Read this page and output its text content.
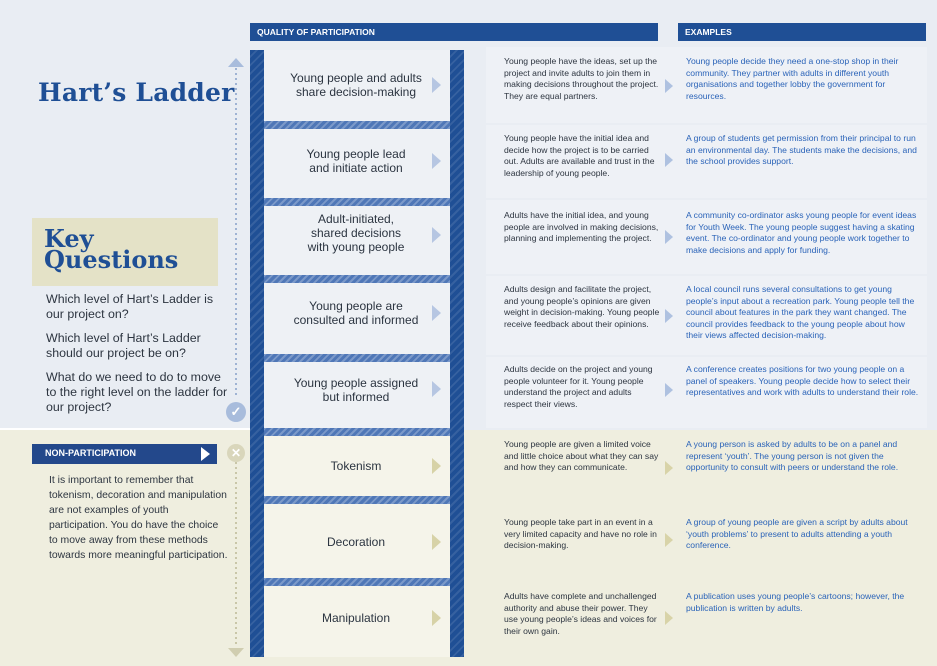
Hart’s Ladder
Key
Questions
Which level of Hart’s Ladder is our project on?
Which level of Hart’s Ladder should our project be on?
What do we need to do to move to the right level on the ladder for our project?
NON-PARTICIPATION
It is important to remember that tokenism, decoration and manipulation are not examples of youth participation. You do have the choice to move away from these methods towards more meaningful participation.
✓
✕
QUALITY OF PARTICIPATION	EXAMPLES
Young people and adults
share decision-making
Young people lead
and initiate action
Adult-initiated,
shared decisions
with young people
Young people are
consulted and informed
Young people assigned
but informed
Tokenism
Decoration
Manipulation
Young people have the ideas, set up the project and invite adults to join them in making decisions throughout the project. They are equal partners.
Young people decide they need a one-stop shop in their community. They partner with adults in different youth organisations and together lobby the government for resources.
Young people have the initial idea and decide how the project is to be carried out. Adults are available and trust in the leadership of young people.
A group of students get permission from their principal to run an environmental day. The students make the decisions, and the school provides support.
Adults have the initial idea, and young people are involved in making decisions, planning and implementing the project.
A community co-ordinator asks young people for event ideas for Youth Week. The young people suggest having a skating event. The co-ordinator and young people work together to make decisions and apply for funding.
Adults design and facilitate the project, and young people’s opinions are given weight in decision-making. Young people receive feedback about their opinions.
A local council runs several consultations to get young people’s input about a recreation park. Young people tell the council about features in the park they want changed. The council provides feedback to the young people about how their views affected decision-making.
Adults decide on the project and young people volunteer for it. Young people understand the project and adults respect their views.
A conference creates positions for two young people on a panel of speakers. Young people decide how to select their representatives and work with adults to understand their role.
Young people are given a limited voice and little choice about what they can say and how they can communicate.
A young person is asked by adults to be on a panel and represent ‘youth’. The young person is not given the opportunity to consult with peers or understand the role.
Young people take part in an event in a very limited capacity and have no role in decision-making.
A group of young people are given a script by adults about ‘youth problems’ to present to adults attending a youth conference.
Adults have complete and unchallenged authority and abuse their power. They use young people’s ideas and voices for their own gain.
A publication uses young people’s cartoons; however, the publication is written by adults.
